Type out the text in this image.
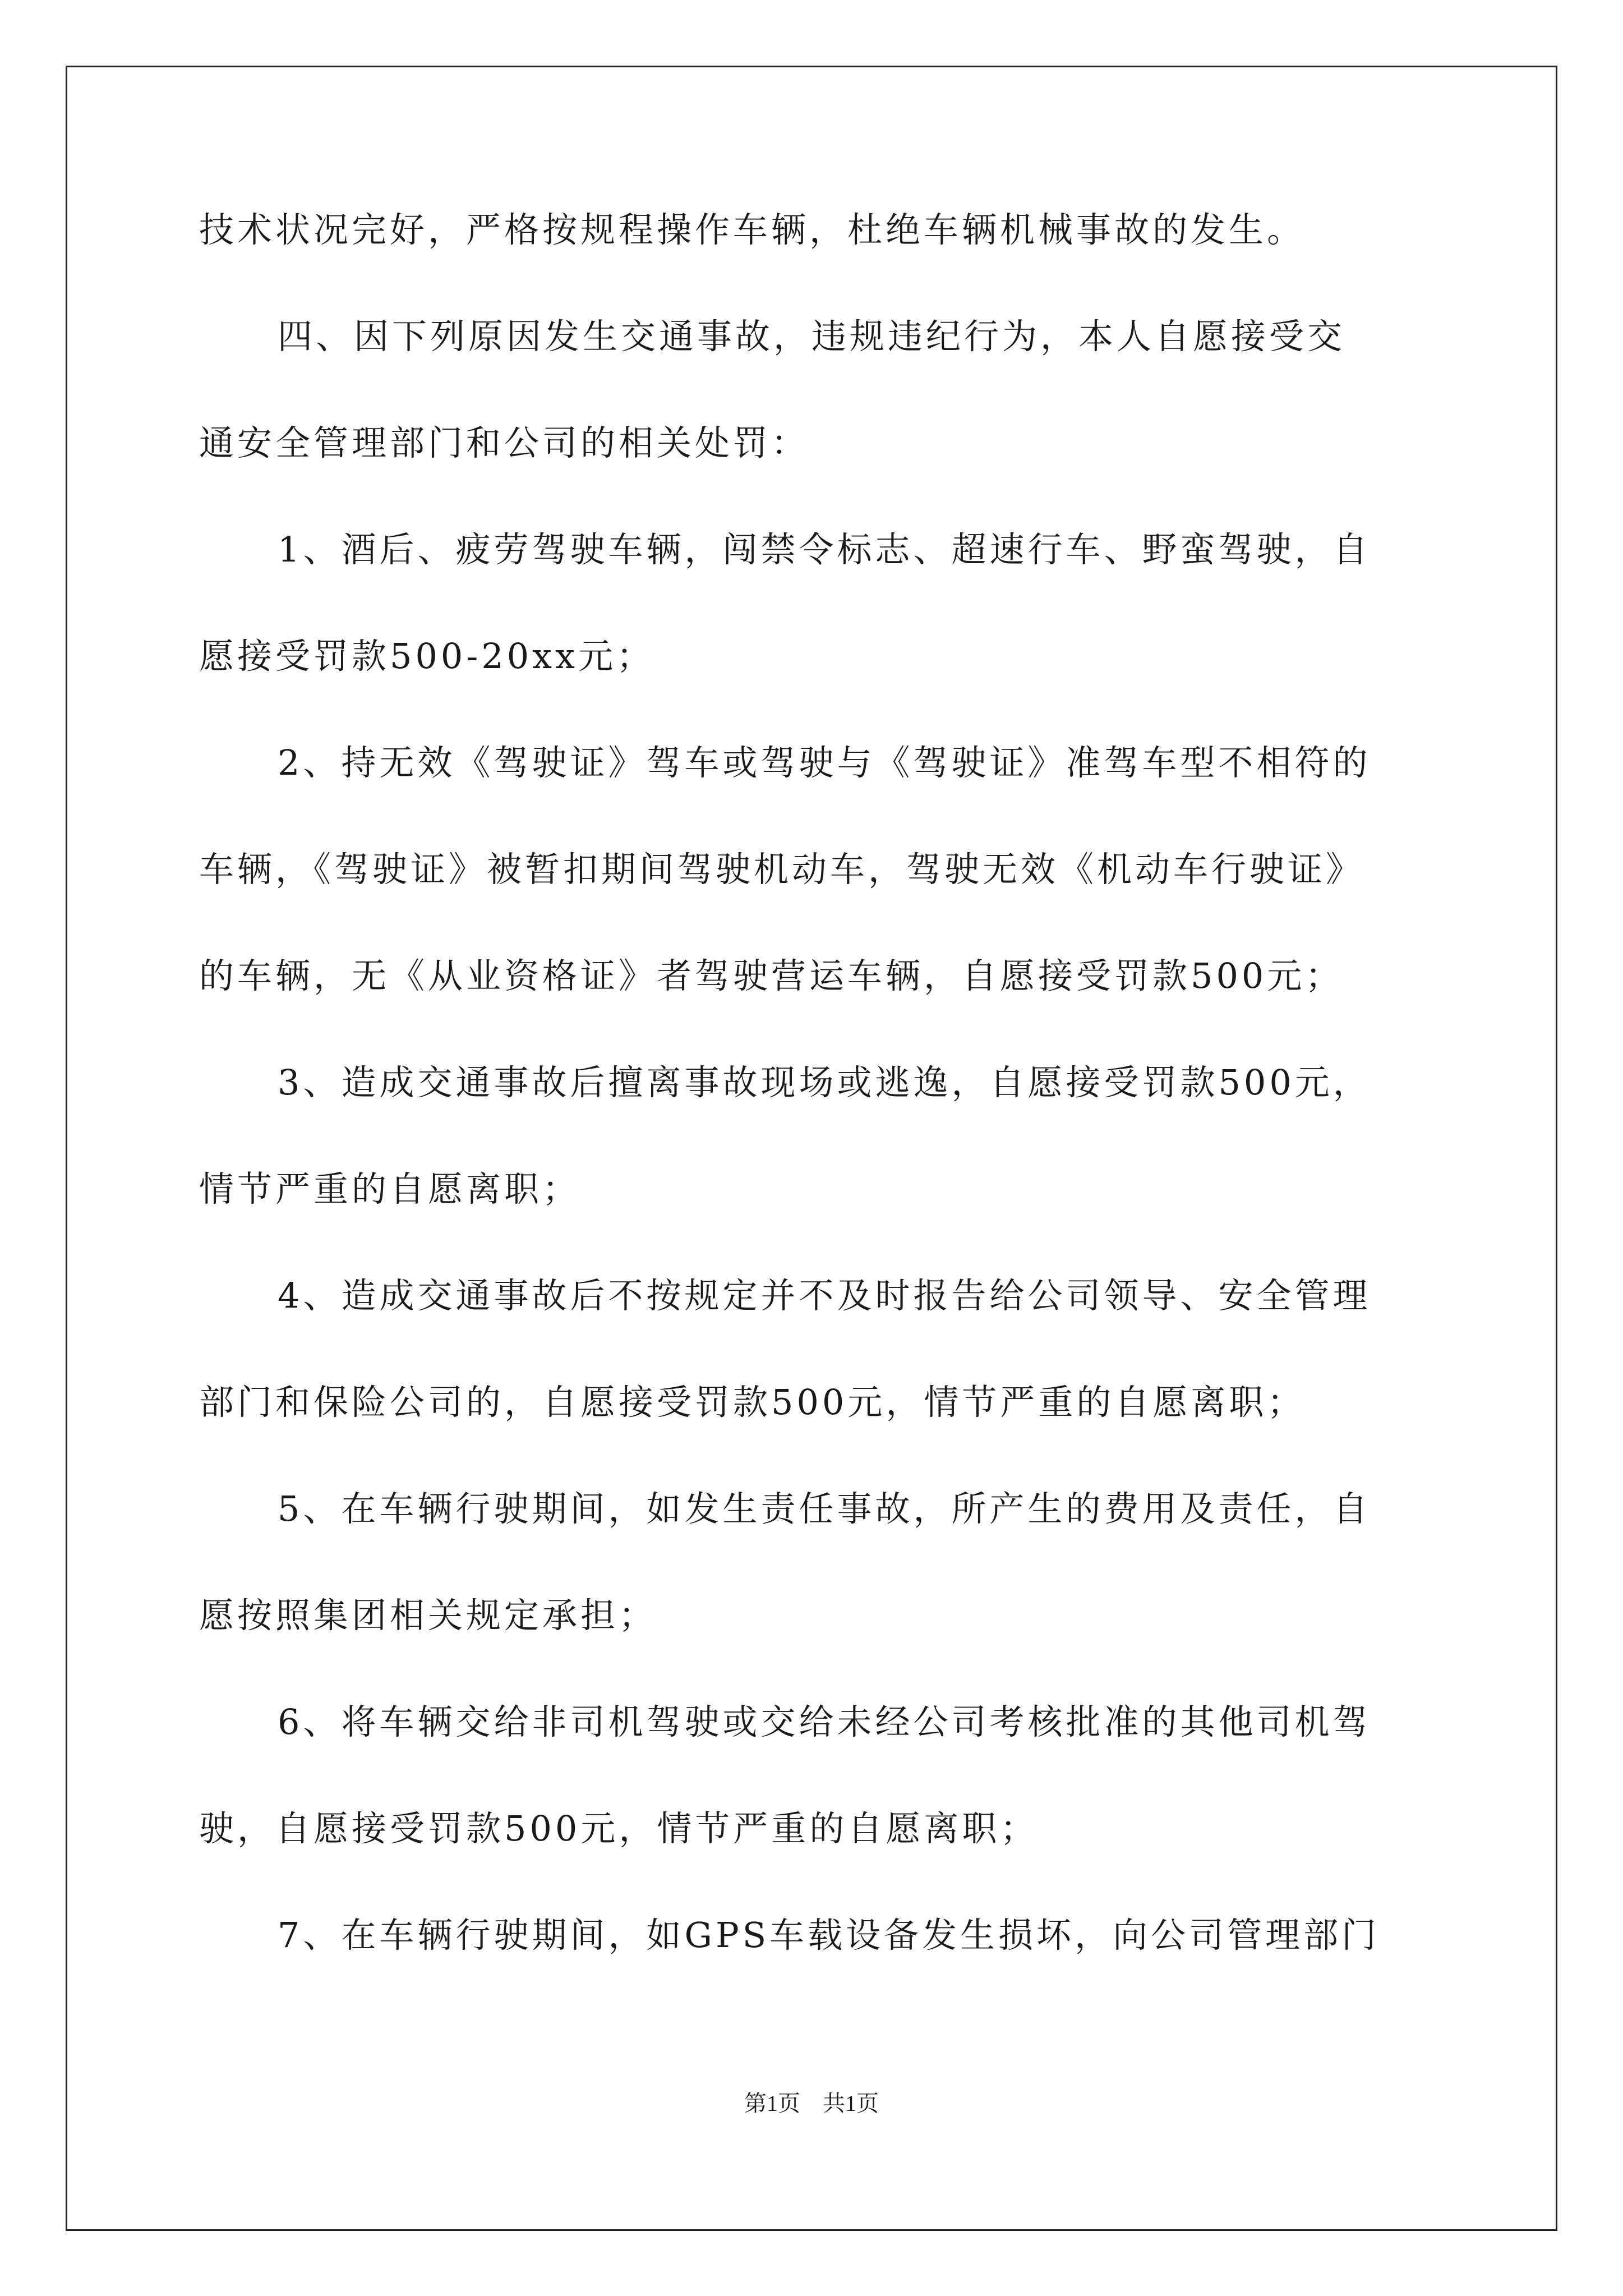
技术状况完好，严格按规程操作车辆，杜绝车辆机械事故的发生。
四、因下列原因发生交通事故，违规违纪行为，本人自愿接受交
通安全管理部门和公司的相关处罚：
1、酒后、疲劳驾驶车辆，闯禁令标志、超速行车、野蛮驾驶，自
愿接受罚款500-20xx元；
2、持无效《驾驶证》驾车或驾驶与《驾驶证》准驾车型不相符的
车辆，《驾驶证》被暂扣期间驾驶机动车，驾驶无效《机动车行驶证》
的车辆，无《从业资格证》者驾驶营运车辆，自愿接受罚款500元；
3、造成交通事故后擅离事故现场或逃逸，自愿接受罚款500元，
情节严重的自愿离职；
4、造成交通事故后不按规定并不及时报告给公司领导、安全管理
部门和保险公司的，自愿接受罚款500元，情节严重的自愿离职；
5、在车辆行驶期间，如发生责任事故，所产生的费用及责任，自
愿按照集团相关规定承担；
6、将车辆交给非司机驾驶或交给未经公司考核批准的其他司机驾
驶，自愿接受罚款500元，情节严重的自愿离职；
7、在车辆行驶期间，如GPS车载设备发生损坏，向公司管理部门
第1页　共1页
